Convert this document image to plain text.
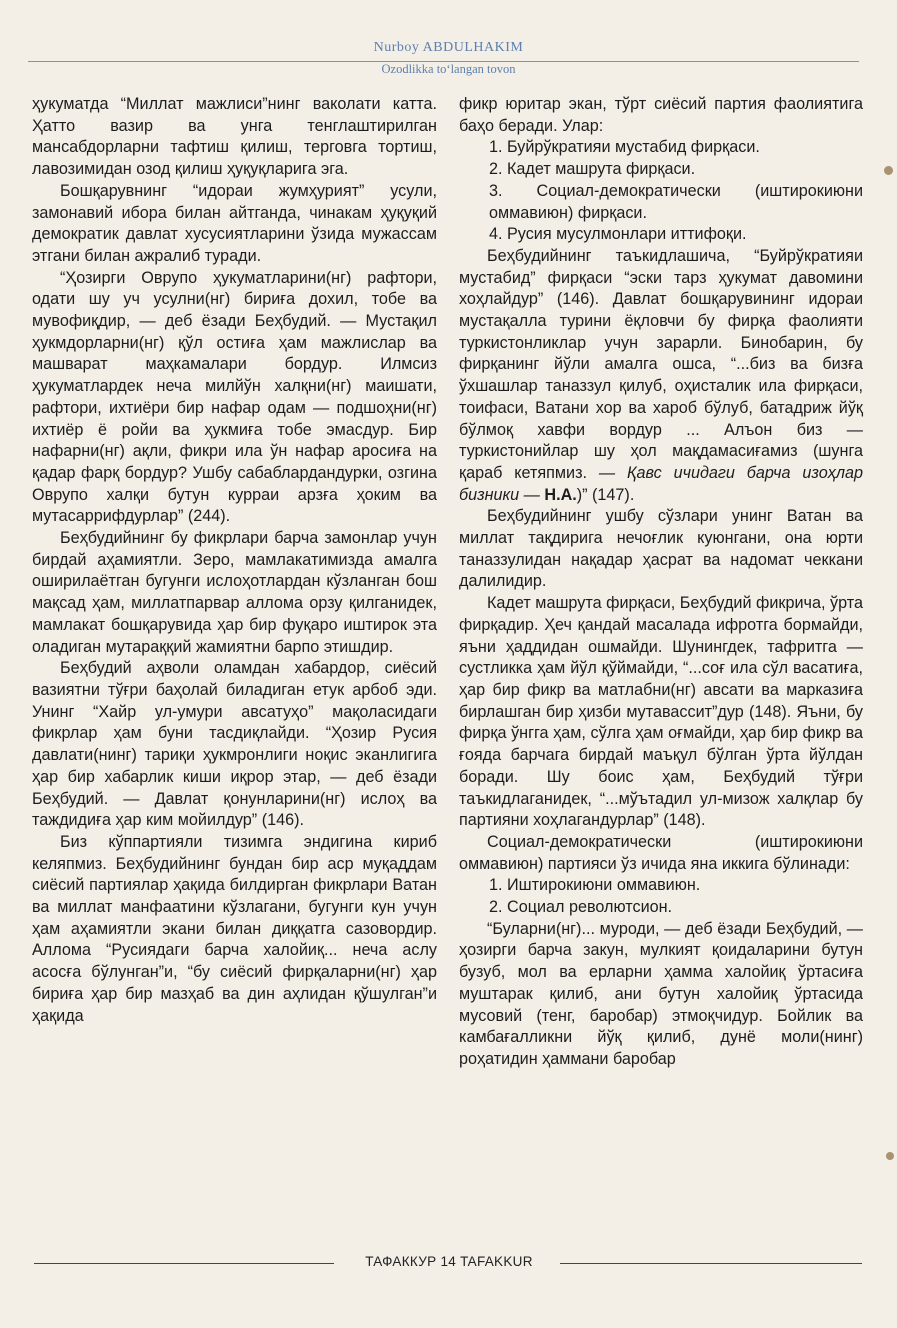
Nurboy ABDULHAKIM
Ozodlikka to‘langan tovon

ҳукуматда “Миллат мажлиси”нинг ваколати катта. Ҳатто вазир ва унга тенглаштирилган мансабдорларни тафтиш қилиш, терговга тортиш, лавозимидан озод қилиш ҳуқуқларига эга.

Бошқарувнинг “идораи жумҳурият” усули, замонавий ибора билан айтганда, чинакам ҳуқуқий демократик давлат хусусиятларини ўзида мужассам этгани билан ажралиб туради.

“Ҳозирги Оврупо ҳукуматларини(нг) рафтори, одати шу уч усулни(нг) бириға дохил, тобе ва мувофиқдир, — деб ёзади Беҳбудий. — Мустақил ҳукмдорларни(нг) қўл остиға ҳам мажлислар ва машварат маҳкамалари бордур. Илмсиз ҳукуматлардек неча милйўн халқни(нг) маишати, рафтори, ихтиёри бир нафар одам — подшоҳни(нг) ихтиёр ё ройи ва ҳукмиға тобе эмасдур. Бир нафарни(нг) ақли, фикри ила ўн нафар аросиға на қадар фарқ бордур? Ушбу сабаблардандурки, озгина Оврупо халқи бутун курраи арзға ҳоким ва мутасаррифдурлар” (244).

Беҳбудийнинг бу фикрлари барча замонлар учун бирдай аҳамиятли. Зеро, мамлакатимизда амалга оширилаётган бугунги ислоҳотлардан кўзланган бош мақсад ҳам, миллатпарвар аллома орзу қилганидек, мамлакат бошқарувида ҳар бир фуқаро иштирок эта оладиган мутараққий жамиятни барпо этишдир.

Беҳбудий аҳволи оламдан хабардор, сиёсий вазиятни тўғри баҳолай биладиган етук арбоб эди. Унинг “Хайр ул-умури авсатуҳо” мақоласидаги фикрлар ҳам буни тасдиқлайди. “Ҳозир Русия давлати(нинг) тариқи ҳукмронлиги ноқис эканлигига ҳар бир хабарлик киши иқрор этар, — деб ёзади Беҳбудий. — Давлат қонунларини(нг) ислоҳ ва таждидиға ҳар ким мойилдур” (146).

Биз кўппартияли тизимга эндигина кириб келяпмиз. Беҳбудийнинг бундан бир аср муқаддам сиёсий партиялар ҳақида билдирган фикрлари Ватан ва миллат манфаатини кўзлагани, бугунги кун учун ҳам аҳамиятли экани билан диққатга сазовордир. Аллома “Русиядаги барча халойиқ... неча аслу асосға бўлунган”и, “бу сиёсий фирқаларни(нг) ҳар бириға ҳар бир мазҳаб ва дин аҳлидан қўшулган”и ҳақида

фикр юритар экан, тўрт сиёсий партия фаолиятига баҳо беради. Улар:

1. Буйрўкратияи мустабид фирқаси.

2. Кадет машрута фирқаси.

3. Социал-демократически (иштирокиюни оммавиюн) фирқаси.

4. Русия мусулмонлари иттифоқи.

Беҳбудийнинг таъкидлашича, “Буйрўкратияи мустабид” фирқаси “эски тарз ҳукумат давомини хоҳлайдур” (146). Давлат бошқарувининг идораи мустақалла турини ёқловчи бу фирқа фаолияти туркистонликлар учун зарарли. Бинобарин, бу фирқанинг йўли амалга ошса, “...биз ва бизға ўхшашлар таназзул қилуб, оҳисталик ила фирқаси, тоифаси, Ватани хор ва хароб бўлуб, батадриж йўқ бўлмоқ хавфи вордур ... Алъон биз — туркистонийлар шу ҳол мақдамасиғамиз (шунга қараб кетяпмиз. — Қавс ичидаги барча изоҳлар бизники — Н.А.)” (147).

Беҳбудийнинг ушбу сўзлари унинг Ватан ва миллат тақдирига нечоғлик куюнгани, она юрти таназзулидан нақадар ҳасрат ва надомат чеккани далилидир.

Кадет машрута фирқаси, Беҳбудий фикрича, ўрта фирқадир. Ҳеч қандай масалада ифротга бормайди, яъни ҳаддидан ошмайди. Шунингдек, тафритга — сустликка ҳам йўл қўймайди, “...соғ ила сўл васатиға, ҳар бир фикр ва матлабни(нг) авсати ва марказиға бирлашган бир ҳизби мутавассит”дур (148). Яъни, бу фирқа ўнгга ҳам, сўлга ҳам оғмайди, ҳар бир фикр ва ғояда барчага бирдай маъқул бўлган ўрта йўлдан боради. Шу боис ҳам, Беҳбудий тўғри таъкидлаганидек, “...мўътадил ул-мизож халқлар бу партияни хоҳлагандурлар” (148).

Социал-демократически (иштирокиюни оммавиюн) партияси ўз ичида яна иккига бўлинади:

1. Иштирокиюни оммавиюн.

2. Социал револютсион.

“Буларни(нг)... муроди, — деб ёзади Беҳбудий, — ҳозирги барча закун, мулкият қоидаларини бутун бузуб, мол ва ерларни ҳамма халойиқ ўртасиға муштарак қилиб, ани бутун халойиқ ўртасида мусовий (тенг, баробар) этмоқчидур. Бойлик ва камбағалликни йўқ қилиб, дунё моли(нинг) роҳатидин ҳаммани баробар

ТАФАККУР 14 TAFAKKUR
